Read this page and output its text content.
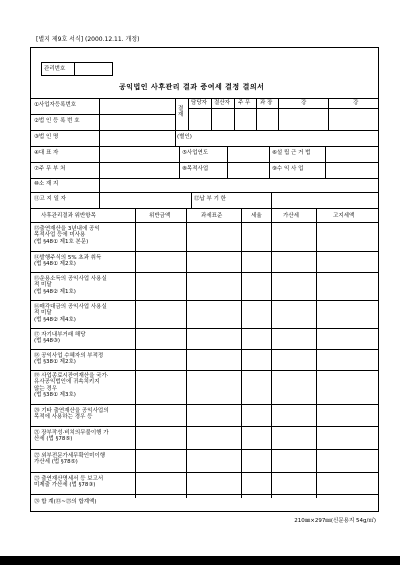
[별지 제9호 서식] (2000.12.11. 개정)
관리번호
공익법인 사후관리 결과 증여세 결정 결의서
결재
담당자 결산자 주 무 과 장	강	강
①사업자등록번호
②법 인 등 록 번 호
③법 인 명	(별인)
④대 표 자	⑤사업연도	⑥설 립 근 거 법
⑦주 무 부 처	⑧목적사업	⑨수 익 사 업
⑩소 재 지
⑪고 지 일 자	⑫납 부 기 한
사후관리결과 위반항목	위반금액	과세표준	세율	가산세	고지세액
⑬출연재산을 3년내에 공익
목적사업 등에 미사용
(법 §48① 제1호 본문)
⑭발행주식의 5% 초과 취득
(법 §48① 제2호)
⑮운용소득의 공익사업 사용실
적 미달
(법 §48② 제1호)
⑯매각대금의 공익사업 사용실
적 미달
(법 §48② 제4호)
⑰ 자기내부거래 해당
(법 §48③)
⑱ 공익사업 수혜자의 부적정
(법 §38① 제2호)
⑲ 사업종료시잔여재산을 국가·
유사공익법인에 귀속치키지
않는 경우
(법 §38① 제3호)
⑳ 기타 출연재산을 공익사업의
목적에 사용하는 경우 등
㉑ 장부작성·비치의무불이행 가
산세 (법 §78⑤)
㉒ 외부전문가세무확인미이행
가산세 (법 §78⑤)
㉓ 출연재산명세서 등 보고서
미제출 가산세 (법 §78③)
㉔ 합 계(⑬~㉓의 합계액)
210㎜×297㎜(신문용지 54g/㎡)
